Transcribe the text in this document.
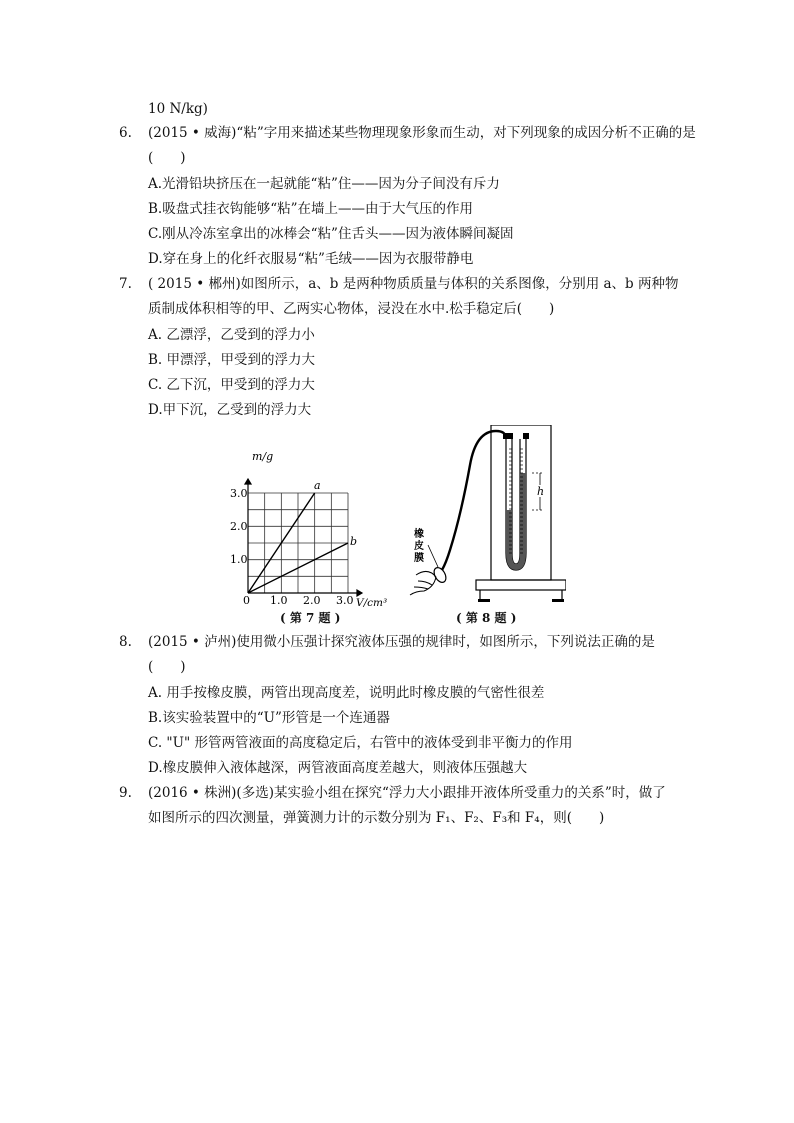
10 N/kg)
6. (2015 • 威海)“粘”字用来描述某些物理现象形象而生动，对下列现象的成因分析不正确的是
(　　)
A.光滑铅块挤压在一起就能“粘”住——因为分子间没有斥力
B.吸盘式挂衣钩能够“粘”在墙上——由于大气压的作用
C.刚从冷冻室拿出的冰棒会“粘”住舌头——因为液体瞬间凝固
D.穿在身上的化纤衣服易“粘”毛绒——因为衣服带静电
7. ( 2015 • 郴州)如图所示，a、b 是两种物质质量与体积的关系图像，分别用 a、b 两种物
质制成体积相等的甲、乙两实心物体，浸没在水中.松手稳定后(　　)
A. 乙漂浮，乙受到的浮力小
B. 甲漂浮，甲受到的浮力大
C. 乙下沉，甲受到的浮力大
D.甲下沉，乙受到的浮力大
m/g
V/cm³
3.0
2.0
1.0
0 1.0 2.0 3.0
a
b
( 第 7 题 )
h
橡
皮
膜
( 第 8 题 )
8. (2015 • 泸州)使用微小压强计探究液体压强的规律时，如图所示，下列说法正确的是
(　　)
A. 用手按橡皮膜，两管出现高度差，说明此时橡皮膜的气密性很差
B.该实验装置中的“U”形管是一个连通器
C. "U" 形管两管液面的高度稳定后，右管中的液体受到非平衡力的作用
D.橡皮膜伸入液体越深，两管液面高度差越大，则液体压强越大
9. (2016 • 株洲)(多选)某实验小组在探究“浮力大小跟排开液体所受重力的关系”时，做了
如图所示的四次测量，弹簧测力计的示数分别为 F₁、F₂、F₃和 F₄，则(　　)
